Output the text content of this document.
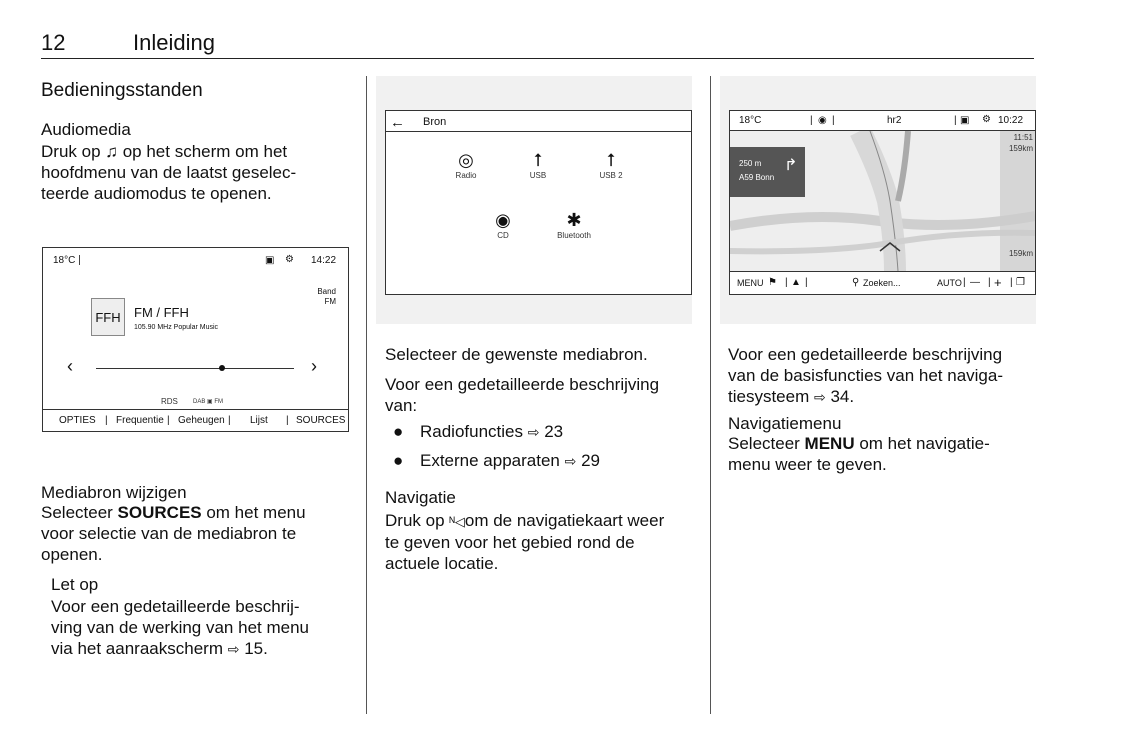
12	Inleiding
Bedieningsstanden
Audiomedia
Druk op ♫ op het scherm om het
hoofdmenu van de laatst geselec-
teerde audiomodus te openen.
18°C	▣ ⚙ 14:22
Band
FM
FFH	FM / FFH
105.90 MHz Popular Music
‹	›
RDS	DAB ▣ FM
OPTIES | Frequentie | Geheugen | Lijst | SOURCES
Mediabron wijzigen
Selecteer SOURCES om het menu
voor selectie van de mediabron te
openen.
Let op
Voor een gedetailleerde beschrij-
ving van de werking van het menu
via het aanraakscherm ⇨ 15.
← Bron
◎
Radio
⭡
USB
⭡
USB 2
◉
CD
✱
Bluetooth
Selecteer de gewenste mediabron.
Voor een gedetailleerde beschrijving
van:
● Radiofuncties ⇨ 23
● Externe apparaten ⇨ 29
Navigatie
Druk op ᴺ◁om de navigatiekaart weer
te geven voor het gebied rond de
actuele locatie.
18°C	| ◉ |	hr2	| ▣ ⚙ 10:22
250 m
A59 Bonn
↱
11:51
159km
159km
MENU ⚑ | ▲ |	⚲ Zoeken...	AUTO | — | + | ❐
Voor een gedetailleerde beschrijving
van de basisfuncties van het naviga-
tiesysteem ⇨ 34.
Navigatiemenu
Selecteer MENU om het navigatie-
menu weer te geven.
